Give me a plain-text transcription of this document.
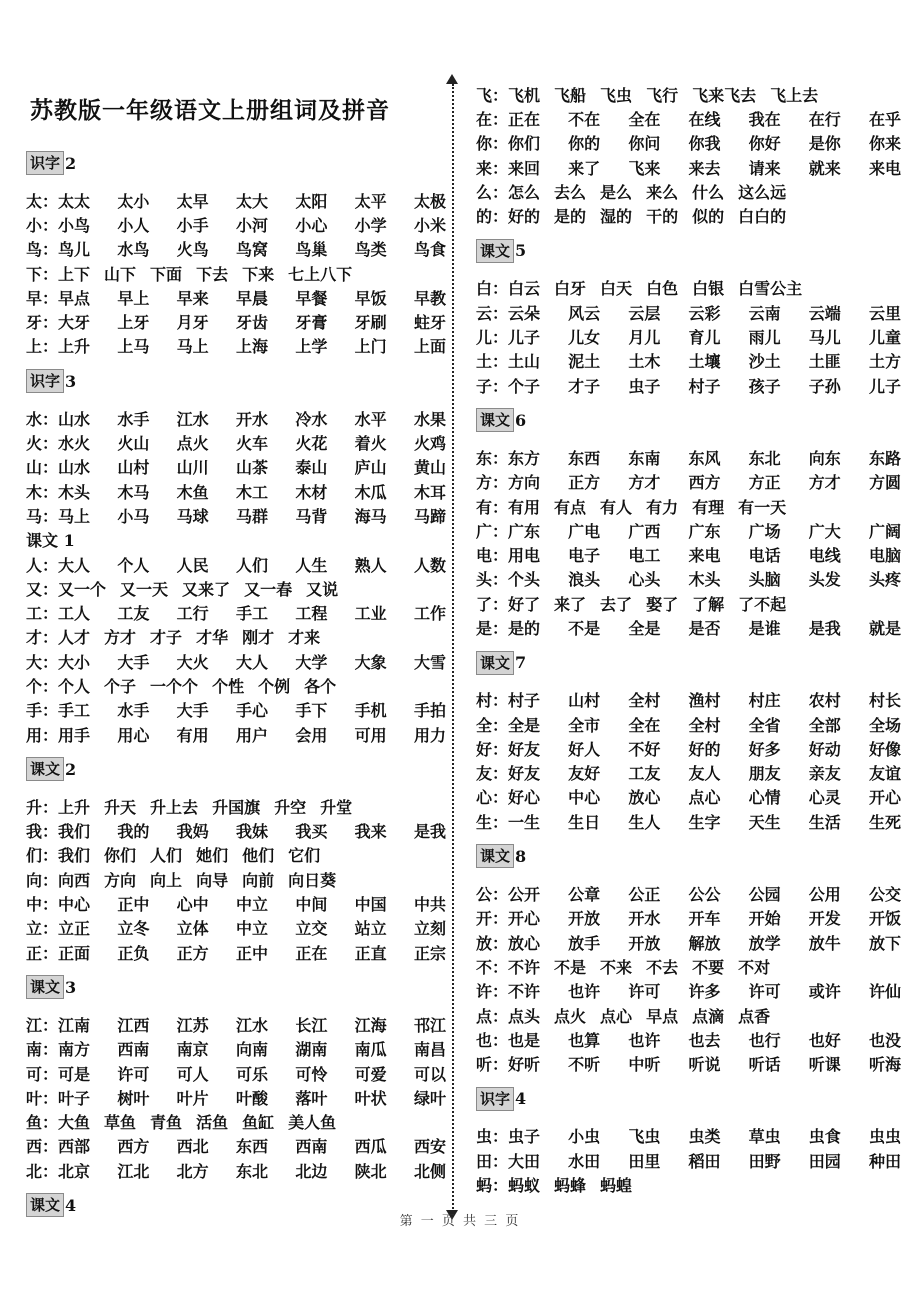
苏教版一年级语文上册组词及拼音
识字 2
太： 太太 太小 太早 太大 太阳 太平 太极
小： 小鸟 小人 小手 小河 小心 小学 小米
鸟： 鸟儿 水鸟 火鸟 鸟窝 鸟巢 鸟类 鸟食
下： 上下 山下 下面 下去 下来 七上八下
早： 早点 早上 早来 早晨 早餐 早饭 早教
牙： 大牙 上牙 月牙 牙齿 牙膏 牙刷 蛀牙
上： 上升 上马 马上 上海 上学 上门 上面
识字 3
水： 山水 水手 江水 开水 冷水 水平 水果
火： 水火 火山 点火 火车 火花 着火 火鸡
山： 山水 山村 山川 山茶 泰山 庐山 黄山
木： 木头 木马 木鱼 木工 木材 木瓜 木耳
马： 马上 小马 马球 马群 马背 海马 马蹄
课文 1
人： 大人 个人 人民 人们 人生 熟人 人数
又： 又一个 又一天 又来了 又一春 又说
工： 工人 工友 工行 手工 工程 工业 工作
才： 人才 方才 才子 才华 刚才 才来
大： 大小 大手 大火 大人 大学 大象 大雪
个： 个人 个子 一个个 个性 个例 各个
手： 手工 水手 大手 手心 手下 手机 手拍
用： 用手 用心 有用 用户 会用 可用 用力
课文 2
升： 上升 升天 升上去 升国旗 升空 升堂
我： 我们 我的 我妈 我妹 我买 我来 是我
们： 我们 你们 人们 她们 他们 它们
向： 向西 方向 向上 向导 向前 向日葵
中： 中心 正中 心中 中立 中间 中国 中共
立： 立正 立冬 立体 中立 立交 站立 立刻
正： 正面 正负 正方 正中 正在 正直 正宗
课文 3
江： 江南 江西 江苏 江水 长江 江海 邗江
南： 南方 西南 南京 向南 湖南 南瓜 南昌
可： 可是 许可 可人 可乐 可怜 可爱 可以
叶： 叶子 树叶 叶片 叶酸 落叶 叶状 绿叶
鱼： 大鱼 草鱼 青鱼 活鱼 鱼缸 美人鱼
西： 西部 西方 西北 东西 西南 西瓜 西安
北： 北京 江北 北方 东北 北边 陕北 北侧
课文 4
飞： 飞机 飞船 飞虫 飞行 飞来飞去 飞上去
在： 正在 不在 全在 在线 我在 在行 在乎
你： 你们 你的 你问 你我 你好 是你 你来
来： 来回 来了 飞来 来去 请来 就来 来电
么： 怎么 去么 是么 来么 什么 这么远
的： 好的 是的 湿的 干的 似的 白白的
课文 5
白： 白云 白牙 白天 白色 白银 白雪公主
云： 云朵 风云 云层 云彩 云南 云端 云里
儿： 儿子 儿女 月儿 育儿 雨儿 马儿 儿童
土： 土山 泥土 土木 土壤 沙土 土匪 土方
子： 个子 才子 虫子 村子 孩子 子孙 儿子
课文 6
东： 东方 东西 东南 东风 东北 向东 东路
方： 方向 正方 方才 西方 方正 方才 方圆
有： 有用 有点 有人 有力 有理 有一天
广： 广东 广电 广西 广东 广场 广大 广阔
电： 用电 电子 电工 来电 电话 电线 电脑
头： 个头 浪头 心头 木头 头脑 头发 头疼
了： 好了 来了 去了 娶了 了解 了不起
是： 是的 不是 全是 是否 是谁 是我 就是
课文 7
村： 村子 山村 全村 渔村 村庄 农村 村长
全： 全是 全市 全在 全村 全省 全部 全场
好： 好友 好人 不好 好的 好多 好动 好像
友： 好友 友好 工友 友人 朋友 亲友 友谊
心： 好心 中心 放心 点心 心情 心灵 开心
生： 一生 生日 生人 生字 天生 生活 生死
课文 8
公： 公开 公章 公正 公公 公园 公用 公交
开： 开心 开放 开水 开车 开始 开发 开饭
放： 放心 放手 开放 解放 放学 放牛 放下
不： 不许 不是 不来 不去 不要 不对
许： 不许 也许 许可 许多 许可 或许 许仙
点： 点头 点火 点心 早点 点滴 点香
也： 也是 也算 也许 也去 也行 也好 也没
听： 好听 不听 中听 听说 听话 听课 听海
识字 4
虫： 虫子 小虫 飞虫 虫类 草虫 虫食 虫虫
田： 大田 水田 田里 稻田 田野 田园 种田
蚂： 蚂蚁 蚂蜂 蚂蝗
第 一 页 共 三 页
